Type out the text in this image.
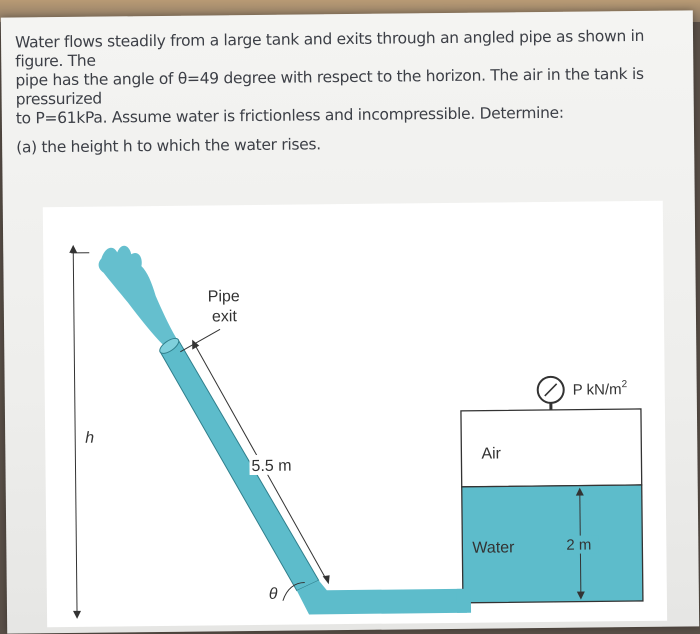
Water flows steadily from a large tank and exits through an angled pipe as shown in figure. The

pipe has the angle of θ=49 degree with respect to the horizon. The air in the tank is pressurized

to P=61kPa. Assume water is frictionless and incompressible. Determine:

(a) the height h to which the water rises.

P $kN/m^2$
Pipe
exit
Air
Water	2 m
5.5 m
h
θ
